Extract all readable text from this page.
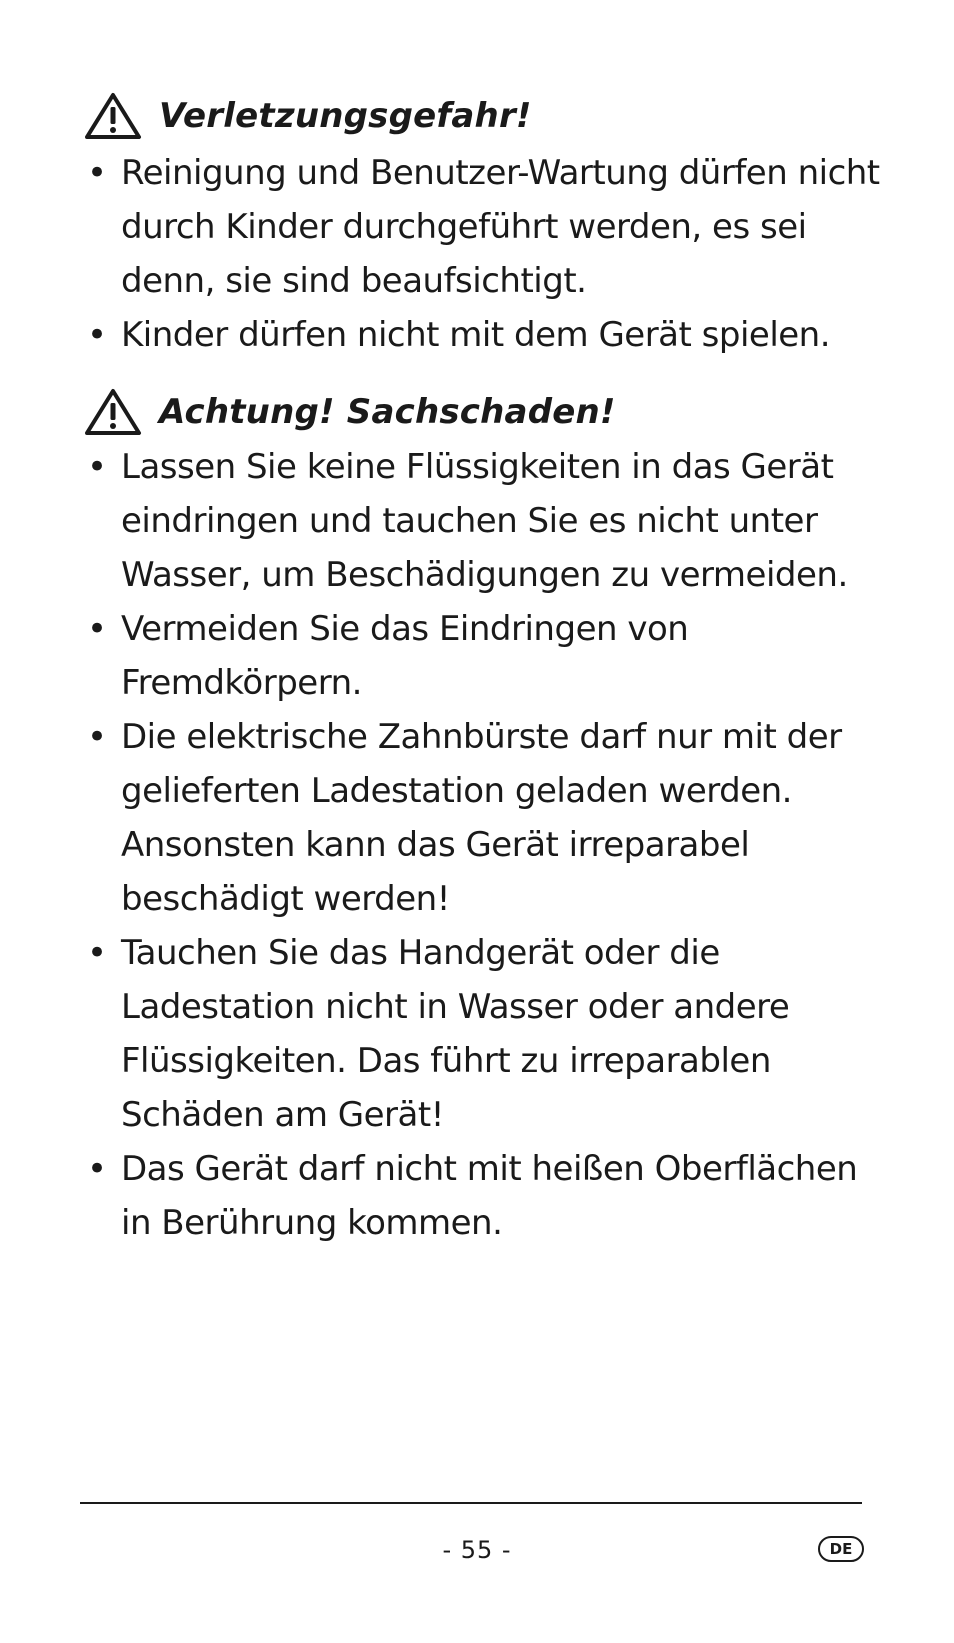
Verletzungsgefahr!
• Reinigung und Benutzer-Wartung dürfen nicht durch Kinder durchgeführt werden, es sei denn, sie sind beaufsichtigt.
• Kinder dürfen nicht mit dem Gerät spielen.
Achtung! Sachschaden!
• Lassen Sie keine Flüssigkeiten in das Gerät eindringen und tauchen Sie es nicht unter Wasser, um Beschädigungen zu vermeiden.
• Vermeiden Sie das Eindringen von Fremdkörpern.
• Die elektrische Zahnbürste darf nur mit der gelieferten Ladestation geladen werden. Ansonsten kann das Gerät irreparabel beschädigt werden!
• Tauchen Sie das Handgerät oder die Ladestation nicht in Wasser oder andere Flüssigkeiten. Das führt zu irreparablen Schäden am Gerät!
• Das Gerät darf nicht mit heißen Oberflächen in Berührung kommen.
- 55 -	DE
